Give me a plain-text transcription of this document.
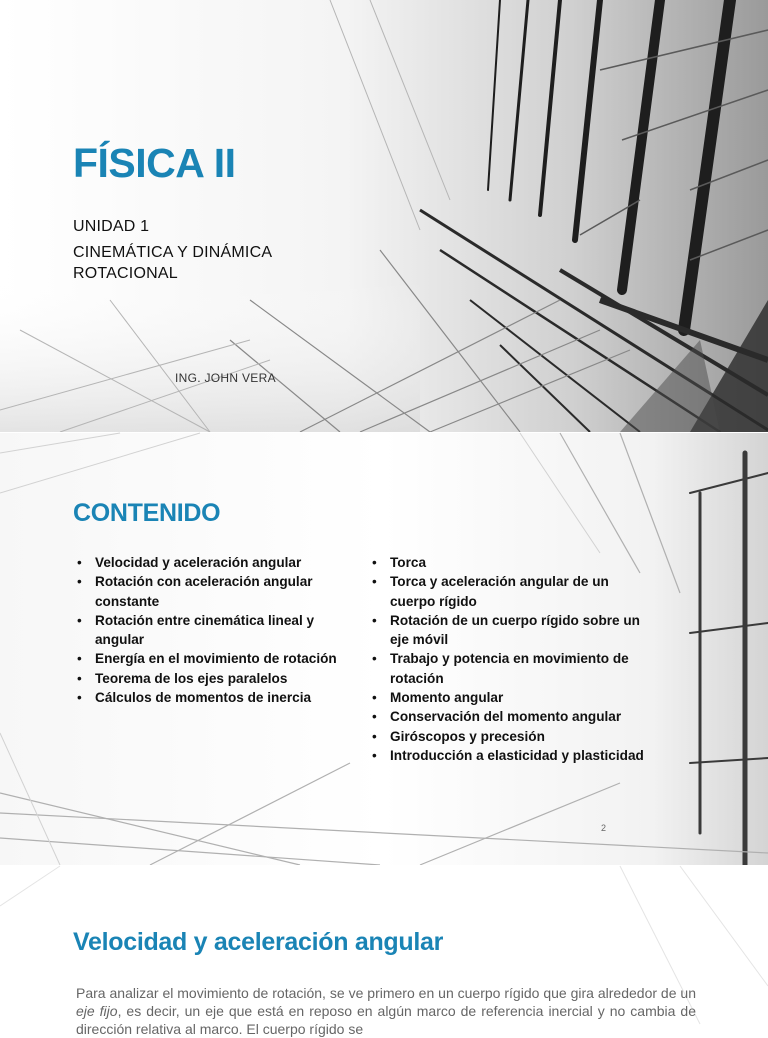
FÍSICA II

UNIDAD 1

CINEMÁTICA Y DINÁMICA

ROTACIONAL

ING. JOHN VERA
CONTENIDO
• Velocidad y aceleración angular
• Rotación con aceleración angular constante
• Rotación entre cinemática lineal y angular
• Energía en el movimiento de rotación
• Teorema de los ejes paralelos
• Cálculos de momentos de inercia
• Torca
• Torca y aceleración angular de un cuerpo rígido
• Rotación de un cuerpo rígido sobre un eje móvil
• Trabajo y potencia en movimiento de rotación
• Momento angular
• Conservación del momento angular
• Giróscopos y precesión
• Introducción a elasticidad y plasticidad
2
Velocidad y aceleración angular

Para analizar el movimiento de rotación, se ve primero en un cuerpo rígido que gira alrededor de un eje fijo, es decir, un eje que está en reposo en algún marco de referencia inercial y no cambia de dirección relativa al marco. El cuerpo rígido se
